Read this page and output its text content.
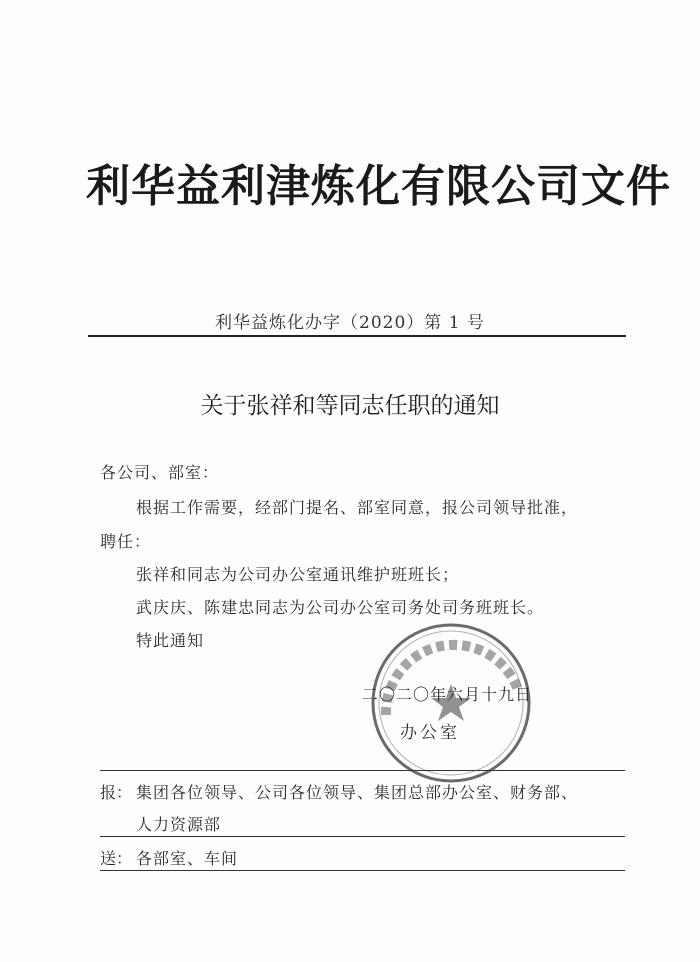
利华益利津炼化有限公司文件
利华益炼化办字（2020）第 1 号
关于张祥和等同志任职的通知
各公司、部室：
根据工作需要，经部门提名、部室同意，报公司领导批准，
聘任：
张祥和同志为公司办公室通讯维护班班长；
武庆庆、陈建忠同志为公司办公室司务处司务班班长。
特此通知
二〇二〇年六月十九日
办公室
报： 集团各位领导、公司各位领导、集团总部办公室、财务部、
人力资源部
送： 各部室、车间
